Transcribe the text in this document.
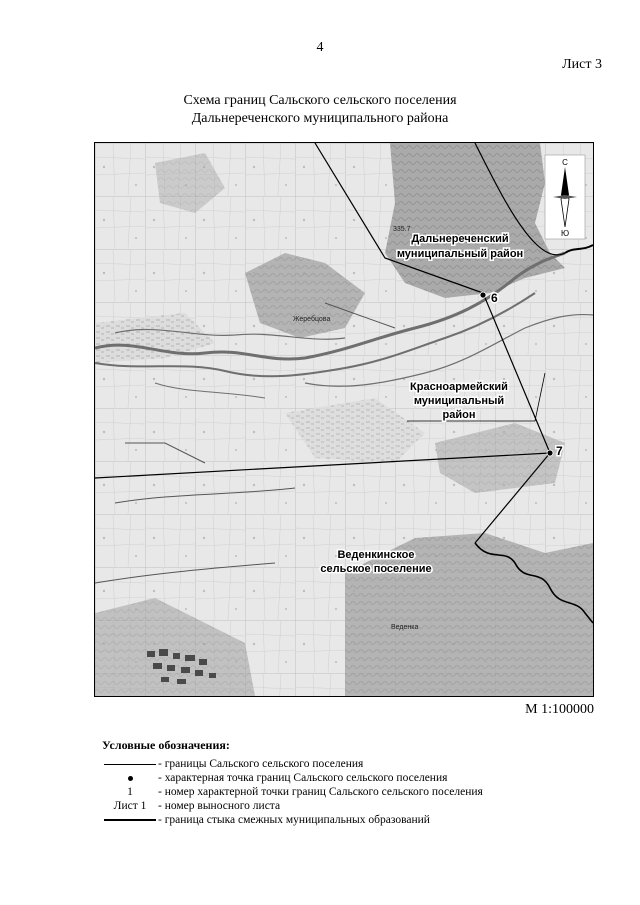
4
Лист 3
Схема границ Сальского сельского поселения
Дальнереченского муниципального района
С
Ю
335.7
Жеребцова
Веденка
Дальнереченский
муниципальный район
Красноармейский
муниципальный
район
Веденкинское
сельское поселение
6
7
М 1:100000
Условные обозначения:
- границы Сальского сельского поселения
- характерная точка границ Сальского сельского поселения
1 - номер характерной точки границ Сальского сельского поселения
Лист 1 - номер выносного листа
- граница стыка смежных муниципальных образований
